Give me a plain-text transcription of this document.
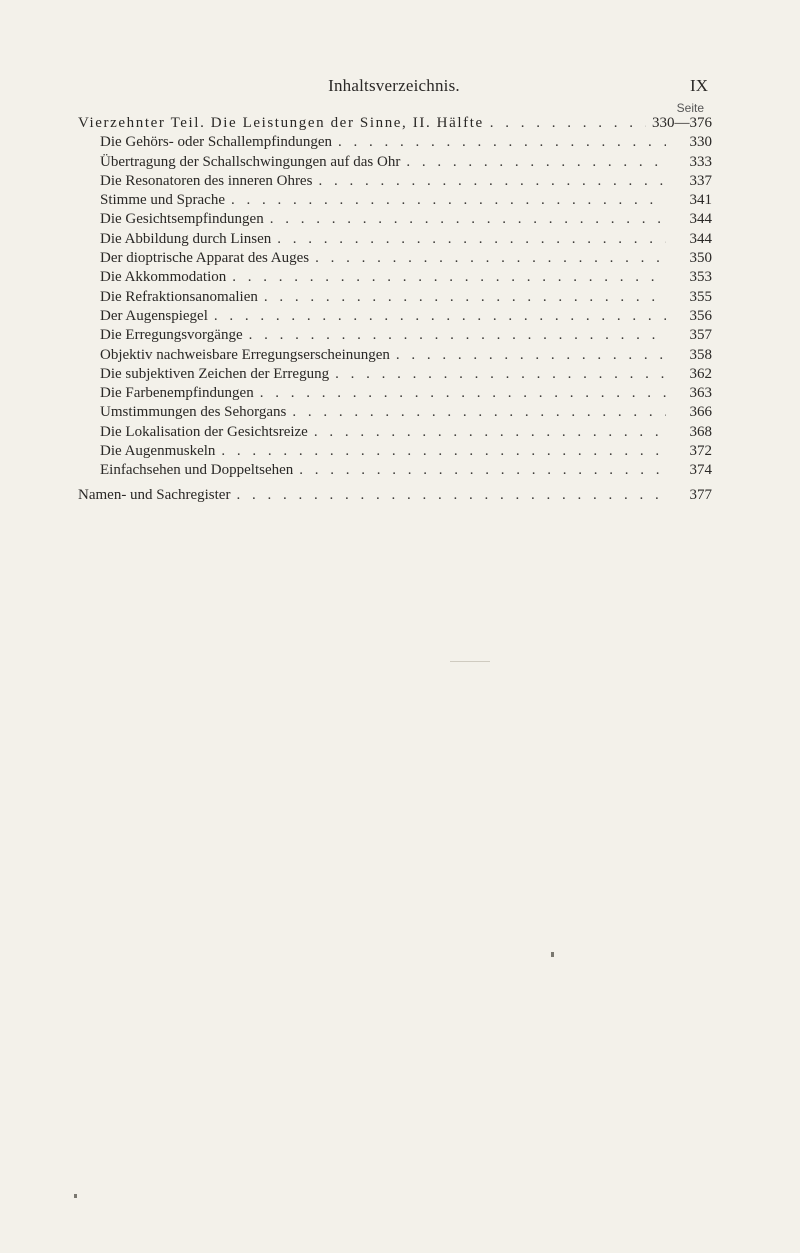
Inhaltsverzeichnis.	IX
Seite
Vierzehnter Teil. Die Leistungen der Sinne, II. Hälfte . . .	330—376
Die Gehörs- oder Schallempfindungen . . .	330
Übertragung der Schallschwingungen auf das Ohr . . .	333
Die Resonatoren des inneren Ohres . . .	337
Stimme und Sprache . . .	341
Die Gesichtsempfindungen . . .	344
Die Abbildung durch Linsen . . .	344
Der dioptrische Apparat des Auges . . .	350
Die Akkommodation . . .	353
Die Refraktionsanomalien . . .	355
Der Augenspiegel . . .	356
Die Erregungsvorgänge . . .	357
Objektiv nachweisbare Erregungserscheinungen . . .	358
Die subjektiven Zeichen der Erregung . . .	362
Die Farbenempfindungen . . .	363
Umstimmungen des Sehorgans . . .	366
Die Lokalisation der Gesichtsreize . . .	368
Die Augenmuskeln . . .	372
Einfachsehen und Doppeltsehen . . .	374
Namen- und Sachregister . . .	377
